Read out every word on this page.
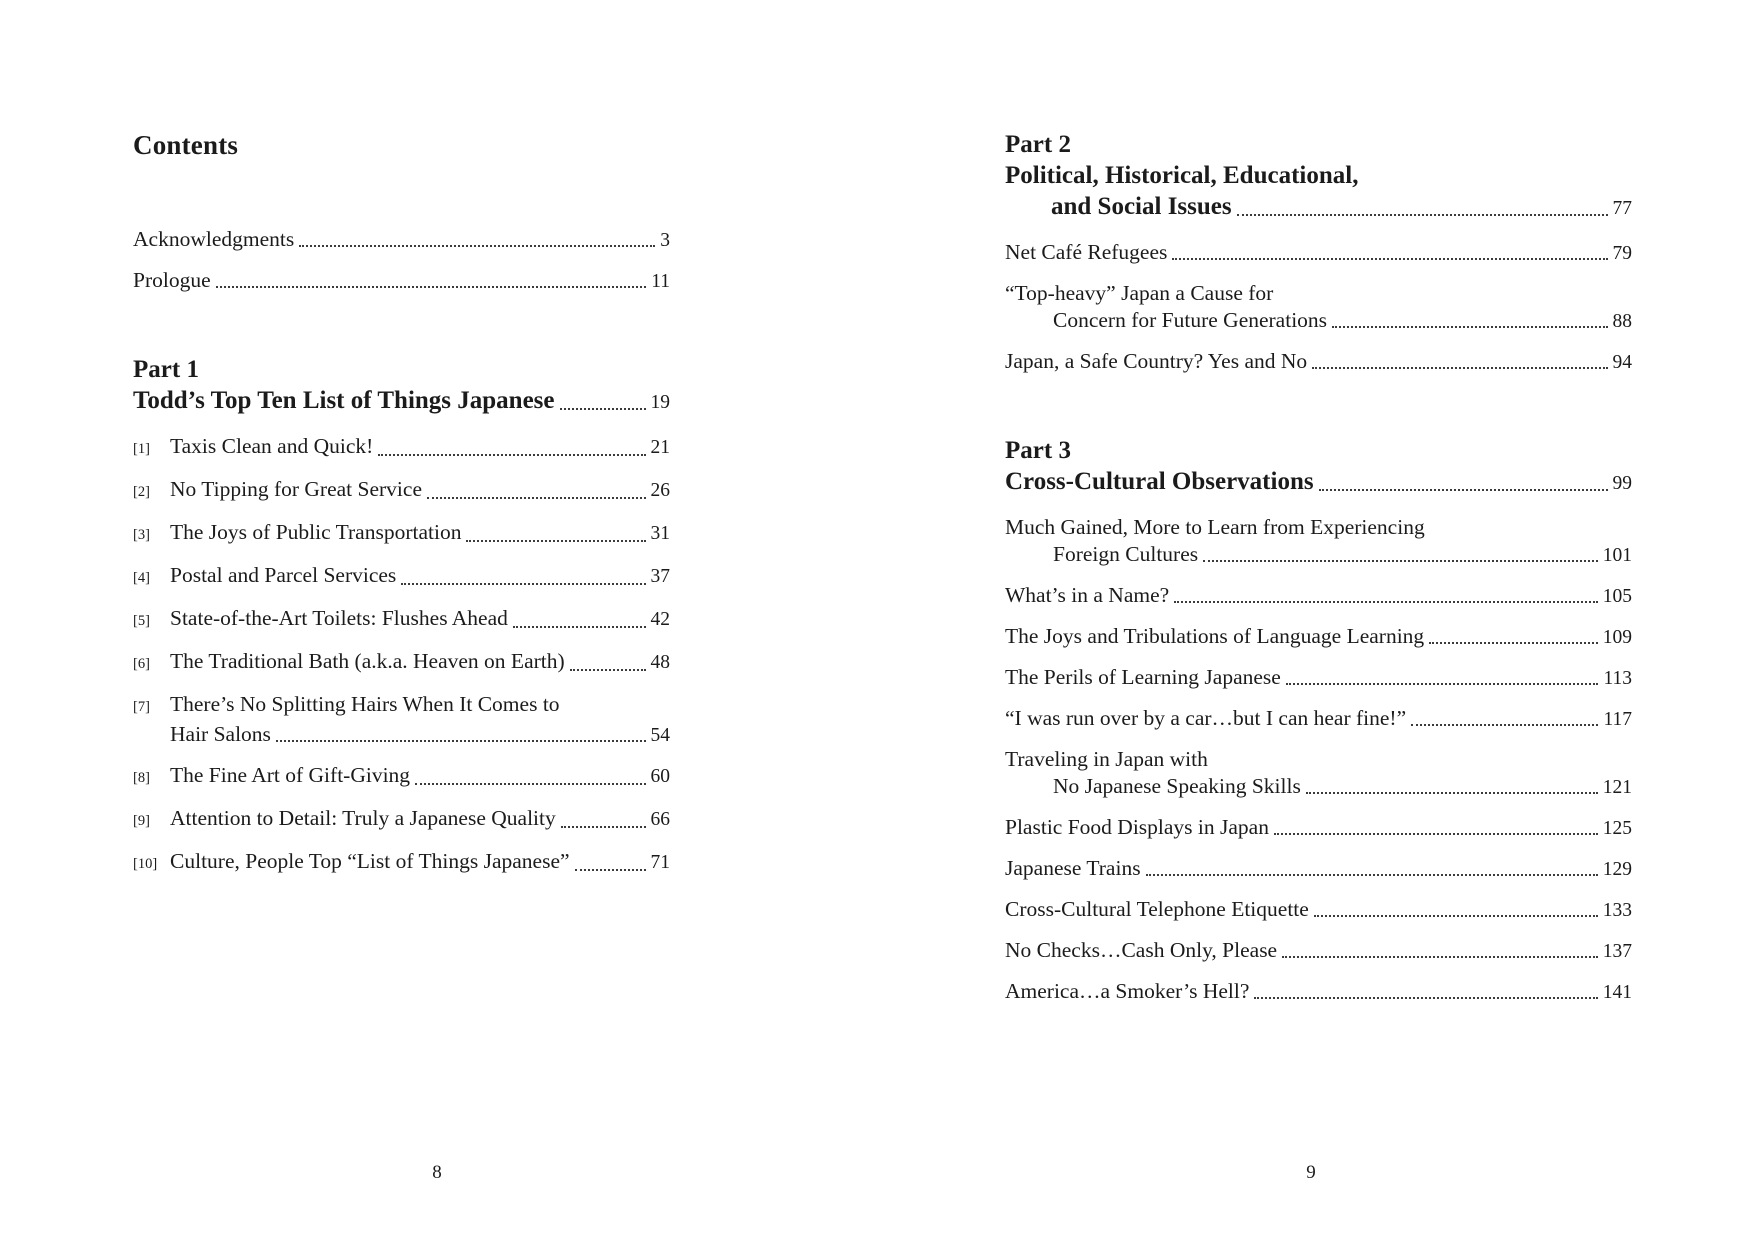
Contents
Acknowledgments	3
Prologue	11
Part 1
Todd’s Top Ten List of Things Japanese	19
[1] Taxis Clean and Quick!	21
[2] No Tipping for Great Service	26
[3] The Joys of Public Transportation	31
[4] Postal and Parcel Services	37
[5] State-of-the-Art Toilets: Flushes Ahead	42
[6] The Traditional Bath (a.k.a. Heaven on Earth)	48
[7] There’s No Splitting Hairs When It Comes to
Hair Salons	54
[8] The Fine Art of Gift-Giving	60
[9] Attention to Detail: Truly a Japanese Quality	66
[10] Culture, People Top “List of Things Japanese”	71
8
Part 2
Political, Historical, Educational,
and Social Issues	77
Net Café Refugees	79
“Top-heavy” Japan a Cause for
Concern for Future Generations	88
Japan, a Safe Country? Yes and No	94
Part 3
Cross-Cultural Observations	99
Much Gained, More to Learn from Experiencing
Foreign Cultures	101
What’s in a Name?	105
The Joys and Tribulations of Language Learning	109
The Perils of Learning Japanese	113
“I was run over by a car…but I can hear fine!”	117
Traveling in Japan with
No Japanese Speaking Skills	121
Plastic Food Displays in Japan	125
Japanese Trains	129
Cross-Cultural Telephone Etiquette	133
No Checks…Cash Only, Please	137
America…a Smoker’s Hell?	141
9
